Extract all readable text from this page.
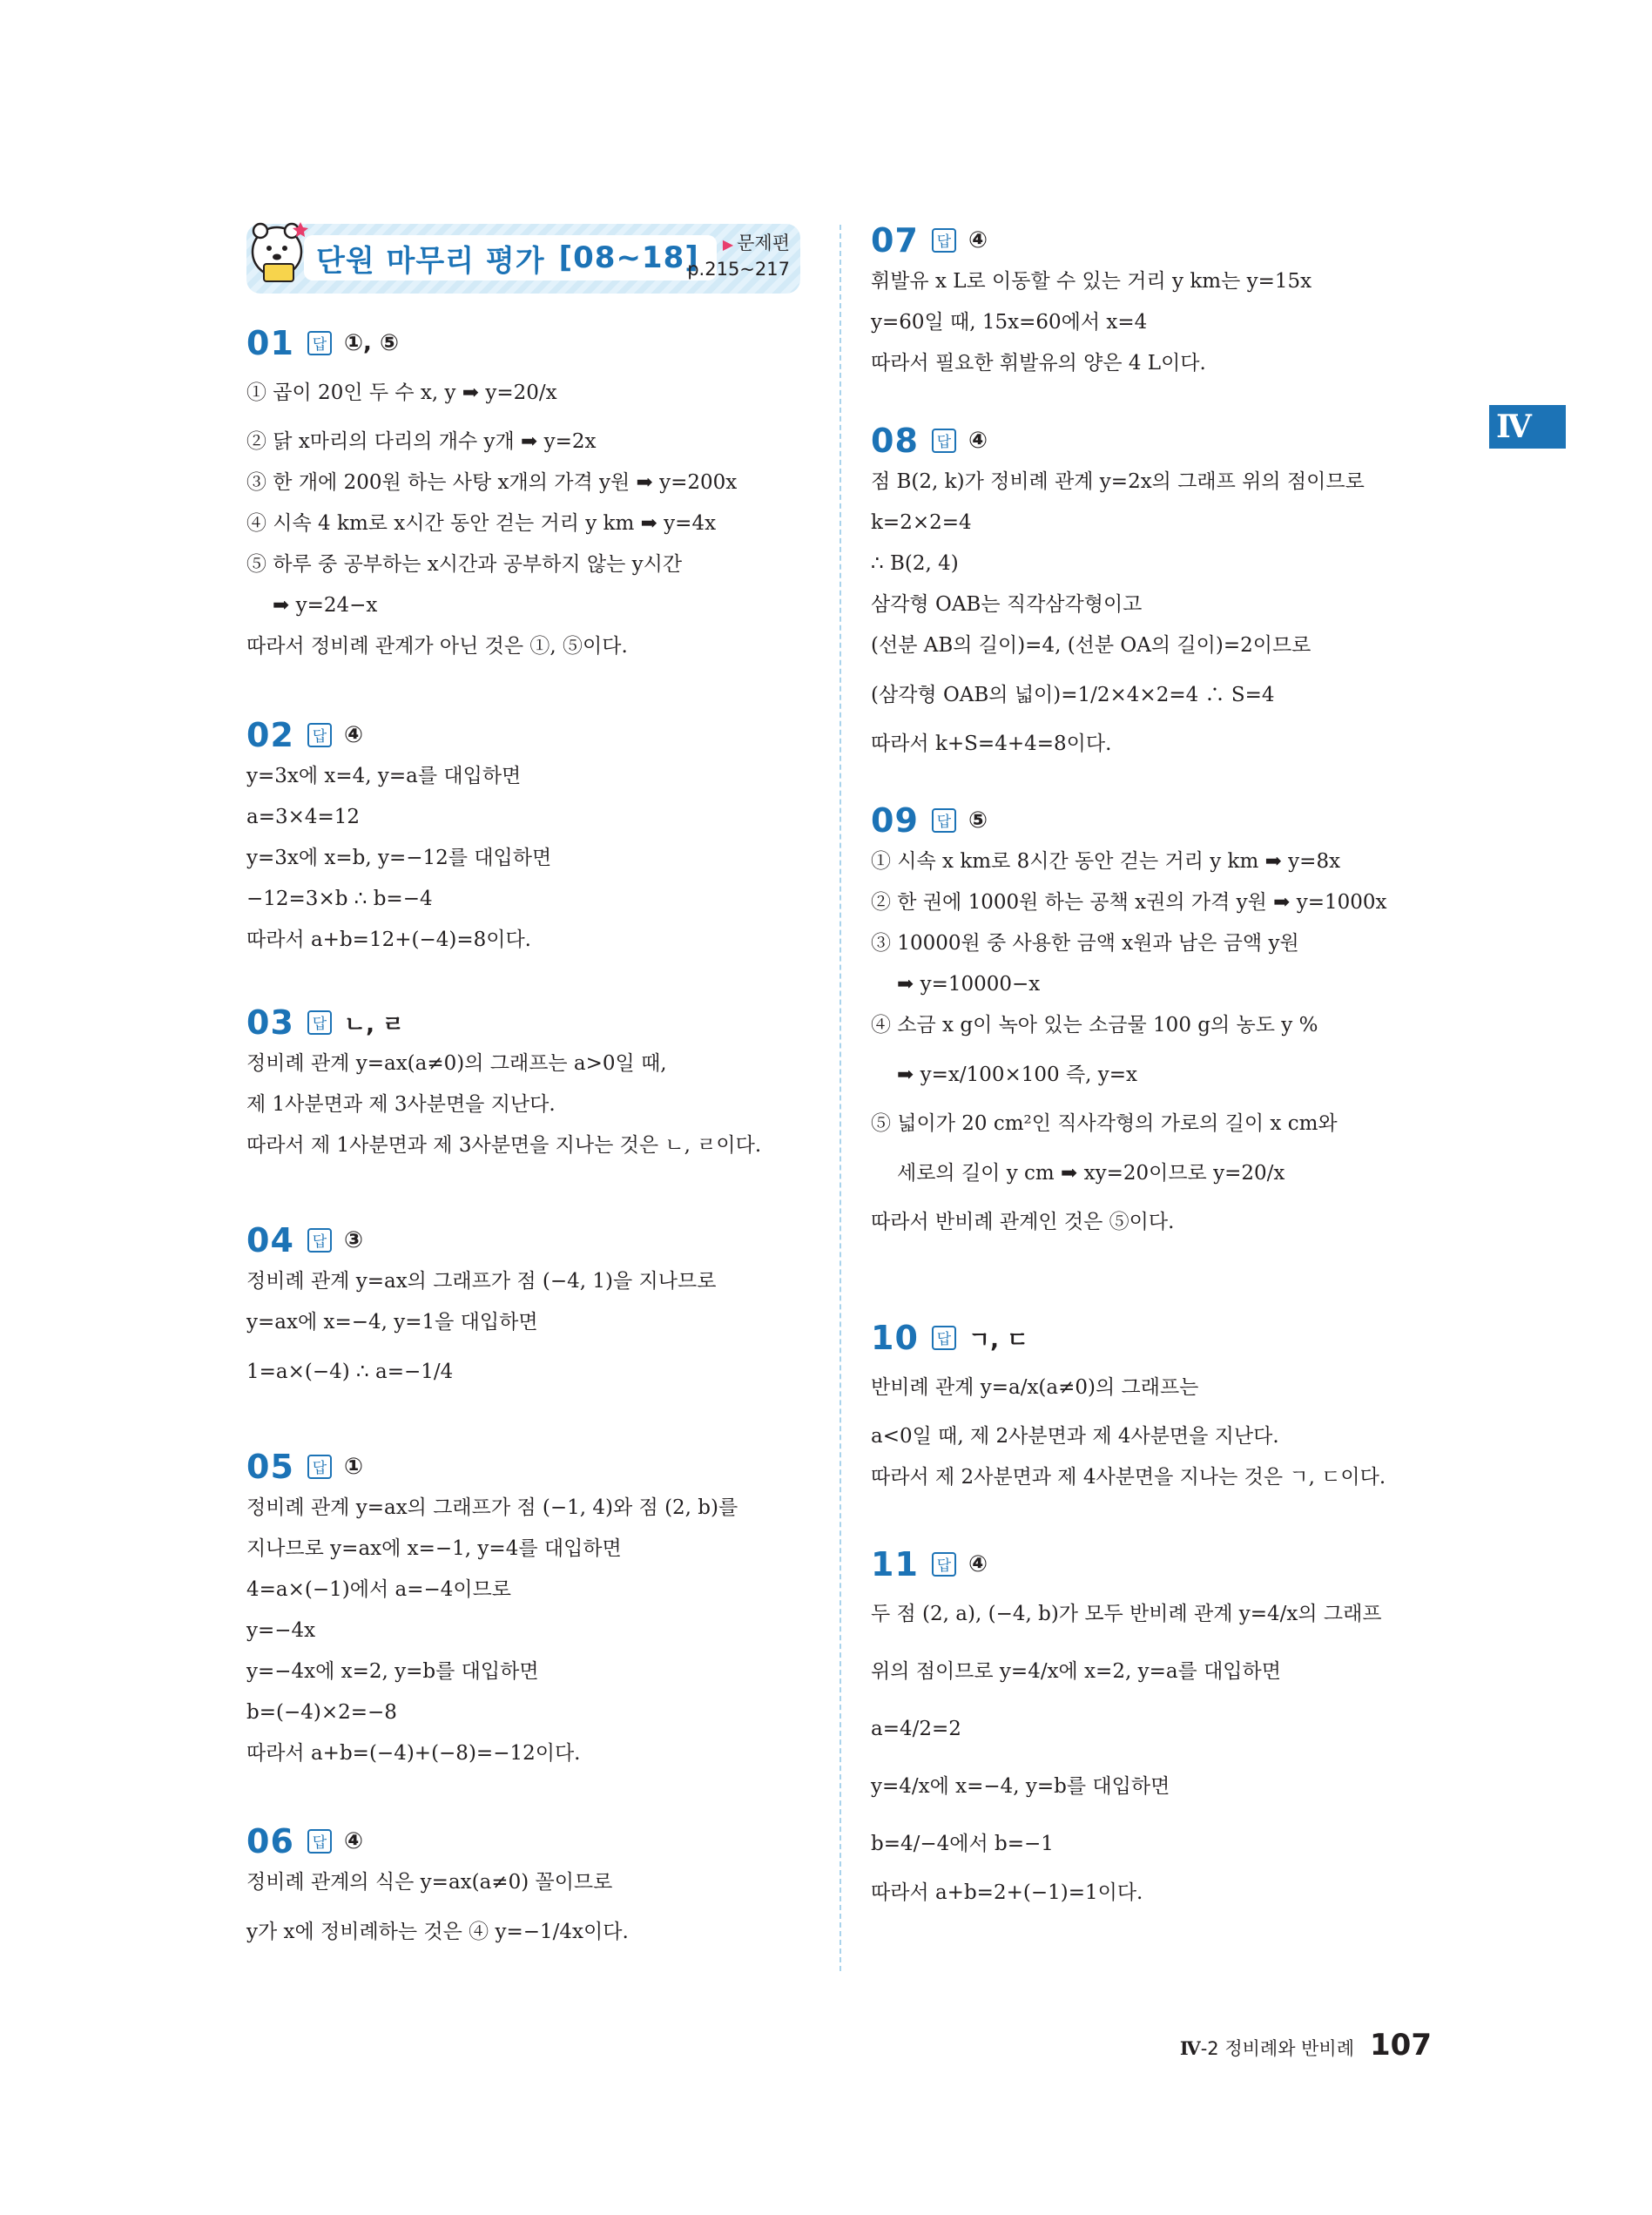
단원 마무리 평가 [08~18]	▶ 문제편
p.215~217
Ⅳ
01	답 ①, ⑤
① 곱이 20인 두 수 x, y ➡ y=20/x
② 닭 x마리의 다리의 개수 y개 ➡ y=2x
③ 한 개에 200원 하는 사탕 x개의 가격 y원 ➡ y=200x
④ 시속 4 km로 x시간 동안 걷는 거리 y km ➡ y=4x
⑤ 하루 중 공부하는 x시간과 공부하지 않는 y시간
➡ y=24−x
따라서 정비례 관계가 아닌 것은 ①, ⑤이다.
02	답 ④
y=3x에 x=4, y=a를 대입하면
a=3×4=12
y=3x에 x=b, y=−12를 대입하면
−12=3×b ∴ b=−4
따라서 a+b=12+(−4)=8이다.
03	답 ㄴ, ㄹ
정비례 관계 y=ax(a≠0)의 그래프는 a>0일 때,
제 1사분면과 제 3사분면을 지난다.
따라서 제 1사분면과 제 3사분면을 지나는 것은 ㄴ, ㄹ이다.
04	답 ③
정비례 관계 y=ax의 그래프가 점 (−4, 1)을 지나므로
y=ax에 x=−4, y=1을 대입하면
1=a×(−4) ∴ a=−1/4
05	답 ①
정비례 관계 y=ax의 그래프가 점 (−1, 4)와 점 (2, b)를
지나므로 y=ax에 x=−1, y=4를 대입하면
4=a×(−1)에서 a=−4이므로
y=−4x
y=−4x에 x=2, y=b를 대입하면
b=(−4)×2=−8
따라서 a+b=(−4)+(−8)=−12이다.
06	답 ④
정비례 관계의 식은 y=ax(a≠0) 꼴이므로
y가 x에 정비례하는 것은 ④ y=−1/4x이다.
07	답 ④
휘발유 x L로 이동할 수 있는 거리 y km는 y=15x
y=60일 때, 15x=60에서 x=4
따라서 필요한 휘발유의 양은 4 L이다.
08	답 ④
점 B(2, k)가 정비례 관계 y=2x의 그래프 위의 점이므로
k=2×2=4
∴ B(2, 4)
삼각형 OAB는 직각삼각형이고
(선분 AB의 길이)=4, (선분 OA의 길이)=2이므로
(삼각형 OAB의 넓이)=1/2×4×2=4 ∴ S=4
따라서 k+S=4+4=8이다.
09	답 ⑤
① 시속 x km로 8시간 동안 걷는 거리 y km ➡ y=8x
② 한 권에 1000원 하는 공책 x권의 가격 y원 ➡ y=1000x
③ 10000원 중 사용한 금액 x원과 남은 금액 y원
➡ y=10000−x
④ 소금 x g이 녹아 있는 소금물 100 g의 농도 y %
➡ y=x/100×100 즉, y=x
⑤ 넓이가 20 cm²인 직사각형의 가로의 길이 x cm와
세로의 길이 y cm ➡ xy=20이므로 y=20/x
따라서 반비례 관계인 것은 ⑤이다.
10	답 ㄱ, ㄷ
반비례 관계 y=a/x(a≠0)의 그래프는
a<0일 때, 제 2사분면과 제 4사분면을 지난다.
따라서 제 2사분면과 제 4사분면을 지나는 것은 ㄱ, ㄷ이다.
11	답 ④
두 점 (2, a), (−4, b)가 모두 반비례 관계 y=4/x의 그래프
위의 점이므로 y=4/x에 x=2, y=a를 대입하면
a=4/2=2
y=4/x에 x=−4, y=b를 대입하면
b=4/−4에서 b=−1
따라서 a+b=2+(−1)=1이다.
Ⅳ-2 정비례와 반비례 107
